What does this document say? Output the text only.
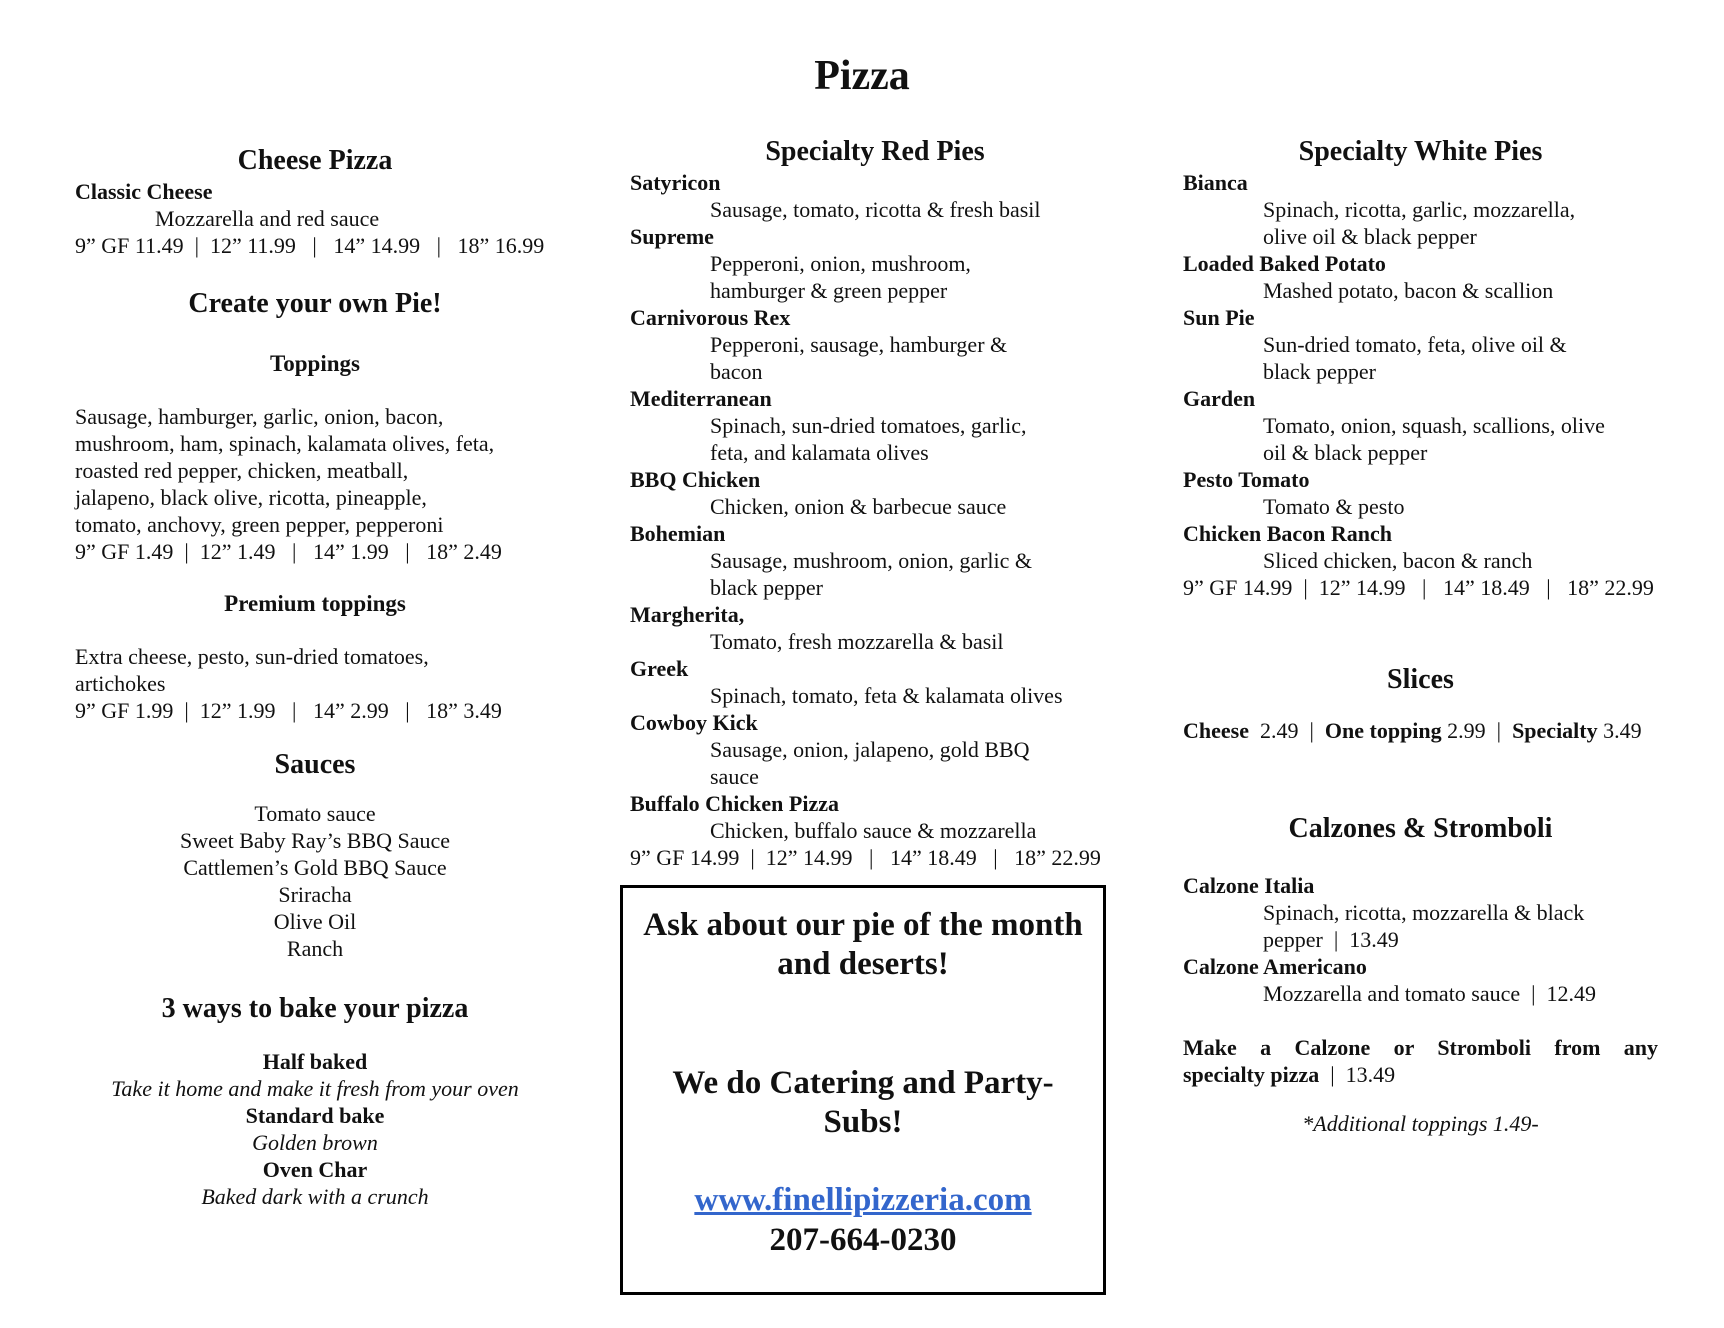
Pizza
Cheese Pizza
Classic Cheese
Mozzarella and red sauce
9” GF 11.49  |  12” 11.99   |   14” 14.99   |   18” 16.99
Create your own Pie!
Toppings
Sausage, hamburger, garlic, onion, bacon,
mushroom, ham, spinach, kalamata olives, feta,
roasted red pepper, chicken, meatball,
jalapeno, black olive, ricotta, pineapple,
tomato, anchovy, green pepper, pepperoni
9” GF 1.49  |  12” 1.49   |   14” 1.99   |   18” 2.49
Premium toppings
Extra cheese, pesto, sun-dried tomatoes,
artichokes
9” GF 1.99  |  12” 1.99   |   14” 2.99   |   18” 3.49
Sauces
Tomato sauce
Sweet Baby Ray’s BBQ Sauce
Cattlemen’s Gold BBQ Sauce
Sriracha
Olive Oil
Ranch
3 ways to bake your pizza
Half baked
Take it home and make it fresh from your oven
Standard bake
Golden brown
Oven Char
Baked dark with a crunch
Specialty Red Pies
Satyricon
Sausage, tomato, ricotta & fresh basil
Supreme
Pepperoni, onion, mushroom,
hamburger & green pepper
Carnivorous Rex
Pepperoni, sausage, hamburger &
bacon
Mediterranean
Spinach, sun-dried tomatoes, garlic,
feta, and kalamata olives
BBQ Chicken
Chicken, onion & barbecue sauce
Bohemian
Sausage, mushroom, onion, garlic &
black pepper
Margherita,
Tomato, fresh mozzarella & basil
Greek
Spinach, tomato, feta & kalamata olives
Cowboy Kick
Sausage, onion, jalapeno, gold BBQ
sauce
Buffalo Chicken Pizza
Chicken, buffalo sauce & mozzarella
9” GF 14.99  |  12” 14.99   |   14” 18.49   |   18” 22.99
Ask about our pie of the month
and deserts!
We do Catering and Party-
Subs!
www.finellipizzeria.com
207-664-0230
Specialty White Pies
Bianca
Spinach, ricotta, garlic, mozzarella,
olive oil & black pepper
Loaded Baked Potato
Mashed potato, bacon & scallion
Sun Pie
Sun-dried tomato, feta, olive oil &
black pepper
Garden
Tomato, onion, squash, scallions, olive
oil & black pepper
Pesto Tomato
Tomato & pesto
Chicken Bacon Ranch
Sliced chicken, bacon & ranch
9” GF 14.99  |  12” 14.99   |   14” 18.49   |   18” 22.99
Slices
Cheese 2.49  |  One topping 2.99  |  Specialty 3.49
Calzones & Stromboli
Calzone Italia
Spinach, ricotta, mozzarella & black
pepper  |  13.49
Calzone Americano
Mozzarella and tomato sauce  |  12.49
Make a Calzone or Stromboli from any
specialty pizza  |  13.49
*Additional toppings 1.49-
